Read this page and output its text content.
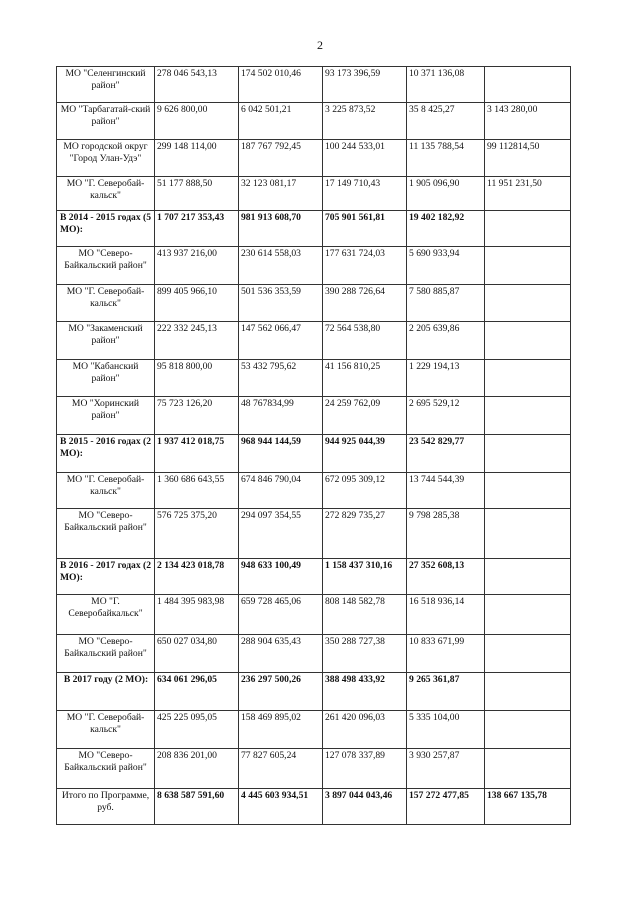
2
МО "Селенгинский район"	278 046 543,13	174 502 010,46	93 173 396,59	10 371 136,08	
МО "Тарбагатай-ский район"	9 626 800,00	6 042 501,21	3 225 873,52	35 8 425,27	3 143 280,00
МО городской округ "Город Улан-Удэ"	299 148 114,00	187 767 792,45	100 244 533,01	11 135 788,54	99 112814,50
МО "Г. Северобай-кальск"	51 177 888,50	32 123 081,17	17 149 710,43	1 905 096,90	11 951 231,50
В 2014 - 2015 годах (5 МО):	1 707 217 353,43	981 913 608,70	705 901 561,81	19 402 182,92	
МО "Северо-Байкальский район"	413 937 216,00	230 614 558,03	177 631 724,03	5 690 933,94	
МО "Г. Северобай-кальск"	899 405 966,10	501 536 353,59	390 288 726,64	7 580 885,87	
МО "Закаменский район"	222 332 245,13	147 562 066,47	72 564 538,80	2 205 639,86	
МО "Кабанский район"	95 818 800,00	53 432 795,62	41 156 810,25	1 229 194,13	
МО "Хоринский район"	75 723 126,20	48 767834,99	24 259 762,09	2 695 529,12	
В 2015 - 2016 годах (2 МО):	1 937 412 018,75	968 944 144,59	944 925 044,39	23 542 829,77	
МО "Г. Северобай-кальск"	1 360 686 643,55	674 846 790,04	672 095 309,12	13 744 544,39	
МО "Северо-Байкальский район"	576 725 375,20	294 097 354,55	272 829 735,27	9 798 285,38	
В 2016 - 2017 годах (2 МО):	2 134 423 018,78	948 633 100,49	1 158 437 310,16	27 352 608,13	
МО "Г. Северобайкальск"	1 484 395 983,98	659 728 465,06	808 148 582,78	16 518 936,14	
МО "Северо-Байкальский район"	650 027 034,80	288 904 635,43	350 288 727,38	10 833 671,99	
В 2017 году (2 МО):	634 061 296,05	236 297 500,26	388 498 433,92	9 265 361,87	
МО "Г. Северобай-кальск"	425 225 095,05	158 469 895,02	261 420 096,03	5 335 104,00	
МО "Северо-Байкальский район"	208 836 201,00	77 827 605,24	127 078 337,89	3 930 257,87	
Итого по Программе, руб.	8 638 587 591,60	4 445 603 934,51	3 897 044 043,46	157 272 477,85	138 667 135,78
